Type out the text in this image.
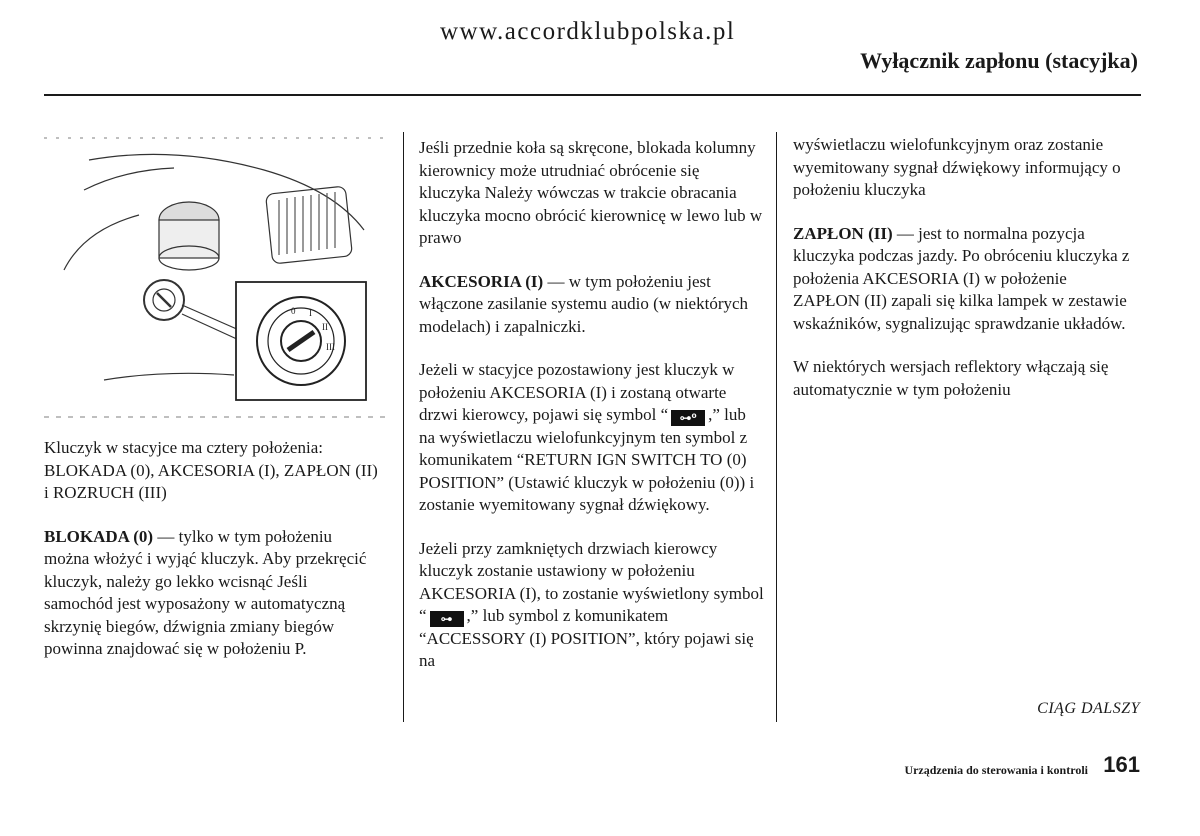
www.accordklubpolska.pl
Wyłącznik zapłonu (stacyjka)
0 I
II
III

Kluczyk w stacyjce ma cztery położenia: BLOKADA (0), AKCESORIA (I), ZAPŁON (II) i ROZRUCH (III)

BLOKADA (0) — tylko w tym położeniu można włożyć i wyjąć kluczyk. Aby przekręcić kluczyk, należy go lekko wcisnąć Jeśli samochód jest wyposażony w automatyczną skrzynię biegów, dźwignia zmiany biegów powinna znajdować się w położeniu P.

Jeśli przednie koła są skręcone, blokada kolumny kierownicy może utrudniać obrócenie się kluczyka Należy wówczas w trakcie obracania kluczyka mocno obrócić kierownicę w lewo lub w prawo

AKCESORIA (I) — w tym położeniu jest włączone zasilanie systemu audio (w niektórych modelach) i zapalniczki.

Jeżeli w stacyjce pozostawiony jest kluczyk w położeniu AKCESORIA (I) i zostaną otwarte drzwi kierowcy, pojawi się symbol “ ⊶⁰ ,” lub na wyświetlaczu wielofunkcyjnym ten symbol z komunikatem “RETURN IGN SWITCH TO (0) POSITION” (Ustawić kluczyk w położeniu (0)) i zostanie wyemitowany sygnał dźwiękowy.

Jeżeli przy zamkniętych drzwiach kierowcy kluczyk zostanie ustawiony w położeniu AKCESORIA (I), to zostanie wyświetlony symbol “ ⊶ ,” lub symbol z komunikatem “ACCESSORY (I) POSITION”, który pojawi się na

wyświetlaczu wielofunkcyjnym oraz zostanie wyemitowany sygnał dźwiękowy informujący o położeniu kluczyka

ZAPŁON (II) — jest to normalna pozycja kluczyka podczas jazdy. Po obróceniu kluczyka z położenia AKCESORIA (I) w położenie ZAPŁON (II) zapali się kilka lampek w zestawie wskaźników, sygnalizując sprawdzanie układów.

W niektórych wersjach reflektory włączają się automatycznie w tym położeniu

CIĄG DALSZY
Urządzenia do sterowania i kontroli 161
